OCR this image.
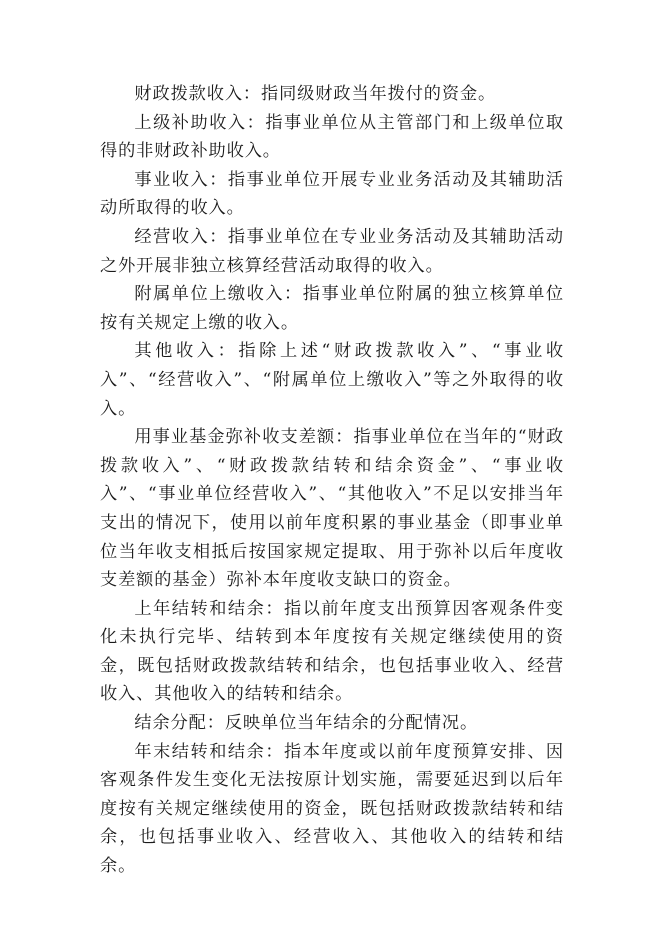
财政拨款收入：指同级财政当年拨付的资金。

上级补助收入：指事业单位从主管部门和上级单位取得的非财政补助收入。

事业收入：指事业单位开展专业业务活动及其辅助活动所取得的收入。

经营收入：指事业单位在专业业务活动及其辅助活动之外开展非独立核算经营活动取得的收入。

附属单位上缴收入：指事业单位附属的独立核算单位按有关规定上缴的收入。

其他收入：指除上述“财政拨款收入”、“事业收入”、“经营收入”、“附属单位上缴收入”等之外取得的收入。

用事业基金弥补收支差额：指事业单位在当年的“财政拨款收入”、“财政拨款结转和结余资金”、“事业收入”、“事业单位经营收入”、“其他收入”不足以安排当年支出的情况下，使用以前年度积累的事业基金（即事业单位当年收支相抵后按国家规定提取、用于弥补以后年度收支差额的基金）弥补本年度收支缺口的资金。

上年结转和结余：指以前年度支出预算因客观条件变化未执行完毕、结转到本年度按有关规定继续使用的资金，既包括财政拨款结转和结余，也包括事业收入、经营收入、其他收入的结转和结余。

结余分配：反映单位当年结余的分配情况。

年末结转和结余：指本年度或以前年度预算安排、因客观条件发生变化无法按原计划实施，需要延迟到以后年度按有关规定继续使用的资金，既包括财政拨款结转和结余，也包括事业收入、经营收入、其他收入的结转和结余。
